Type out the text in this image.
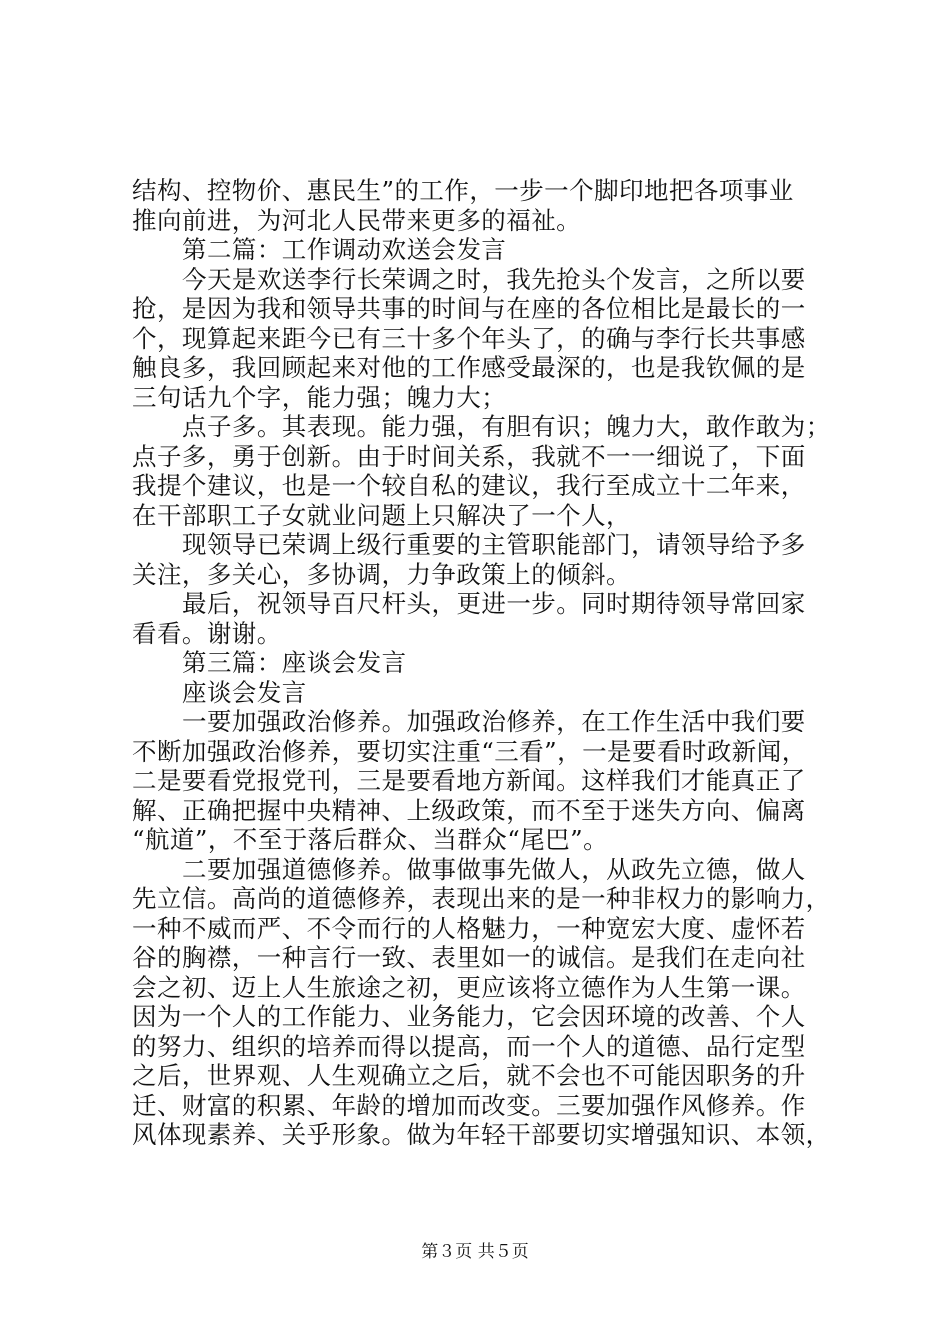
结构、控物价、惠民生”的工作，一步一个脚印地把各项事业
推向前进，为河北人民带来更多的福祉。
第二篇：工作调动欢送会发言
今天是欢送李行长荣调之时，我先抢头个发言，之所以要
抢，是因为我和领导共事的时间与在座的各位相比是最长的一
个，现算起来距今已有三十多个年头了，的确与李行长共事感
触良多，我回顾起来对他的工作感受最深的，也是我钦佩的是
三句话九个字，能力强；魄力大；
点子多。其表现。能力强，有胆有识；魄力大，敢作敢为；
点子多，勇于创新。由于时间关系，我就不一一细说了，下面
我提个建议，也是一个较自私的建议，我行至成立十二年来，
在干部职工子女就业问题上只解决了一个人，
现领导已荣调上级行重要的主管职能部门，请领导给予多
关注，多关心，多协调，力争政策上的倾斜。
最后，祝领导百尺杆头，更进一步。同时期待领导常回家
看看。谢谢。
第三篇：座谈会发言
座谈会发言
一要加强政治修养。加强政治修养，在工作生活中我们要
不断加强政治修养，要切实注重“三看”，一是要看时政新闻，
二是要看党报党刊，三是要看地方新闻。这样我们才能真正了
解、正确把握中央精神、上级政策，而不至于迷失方向、偏离
“航道”，不至于落后群众、当群众“尾巴”。
二要加强道德修养。做事做事先做人，从政先立德，做人
先立信。高尚的道德修养，表现出来的是一种非权力的影响力，
一种不威而严、不令而行的人格魅力，一种宽宏大度、虚怀若
谷的胸襟，一种言行一致、表里如一的诚信。是我们在走向社
会之初、迈上人生旅途之初，更应该将立德作为人生第一课。
因为一个人的工作能力、业务能力，它会因环境的改善、个人
的努力、组织的培养而得以提高，而一个人的道德、品行定型
之后，世界观、人生观确立之后，就不会也不可能因职务的升
迁、财富的积累、年龄的增加而改变。三要加强作风修养。作
风体现素养、关乎形象。做为年轻干部要切实增强知识、本领，
第３页 共５页
